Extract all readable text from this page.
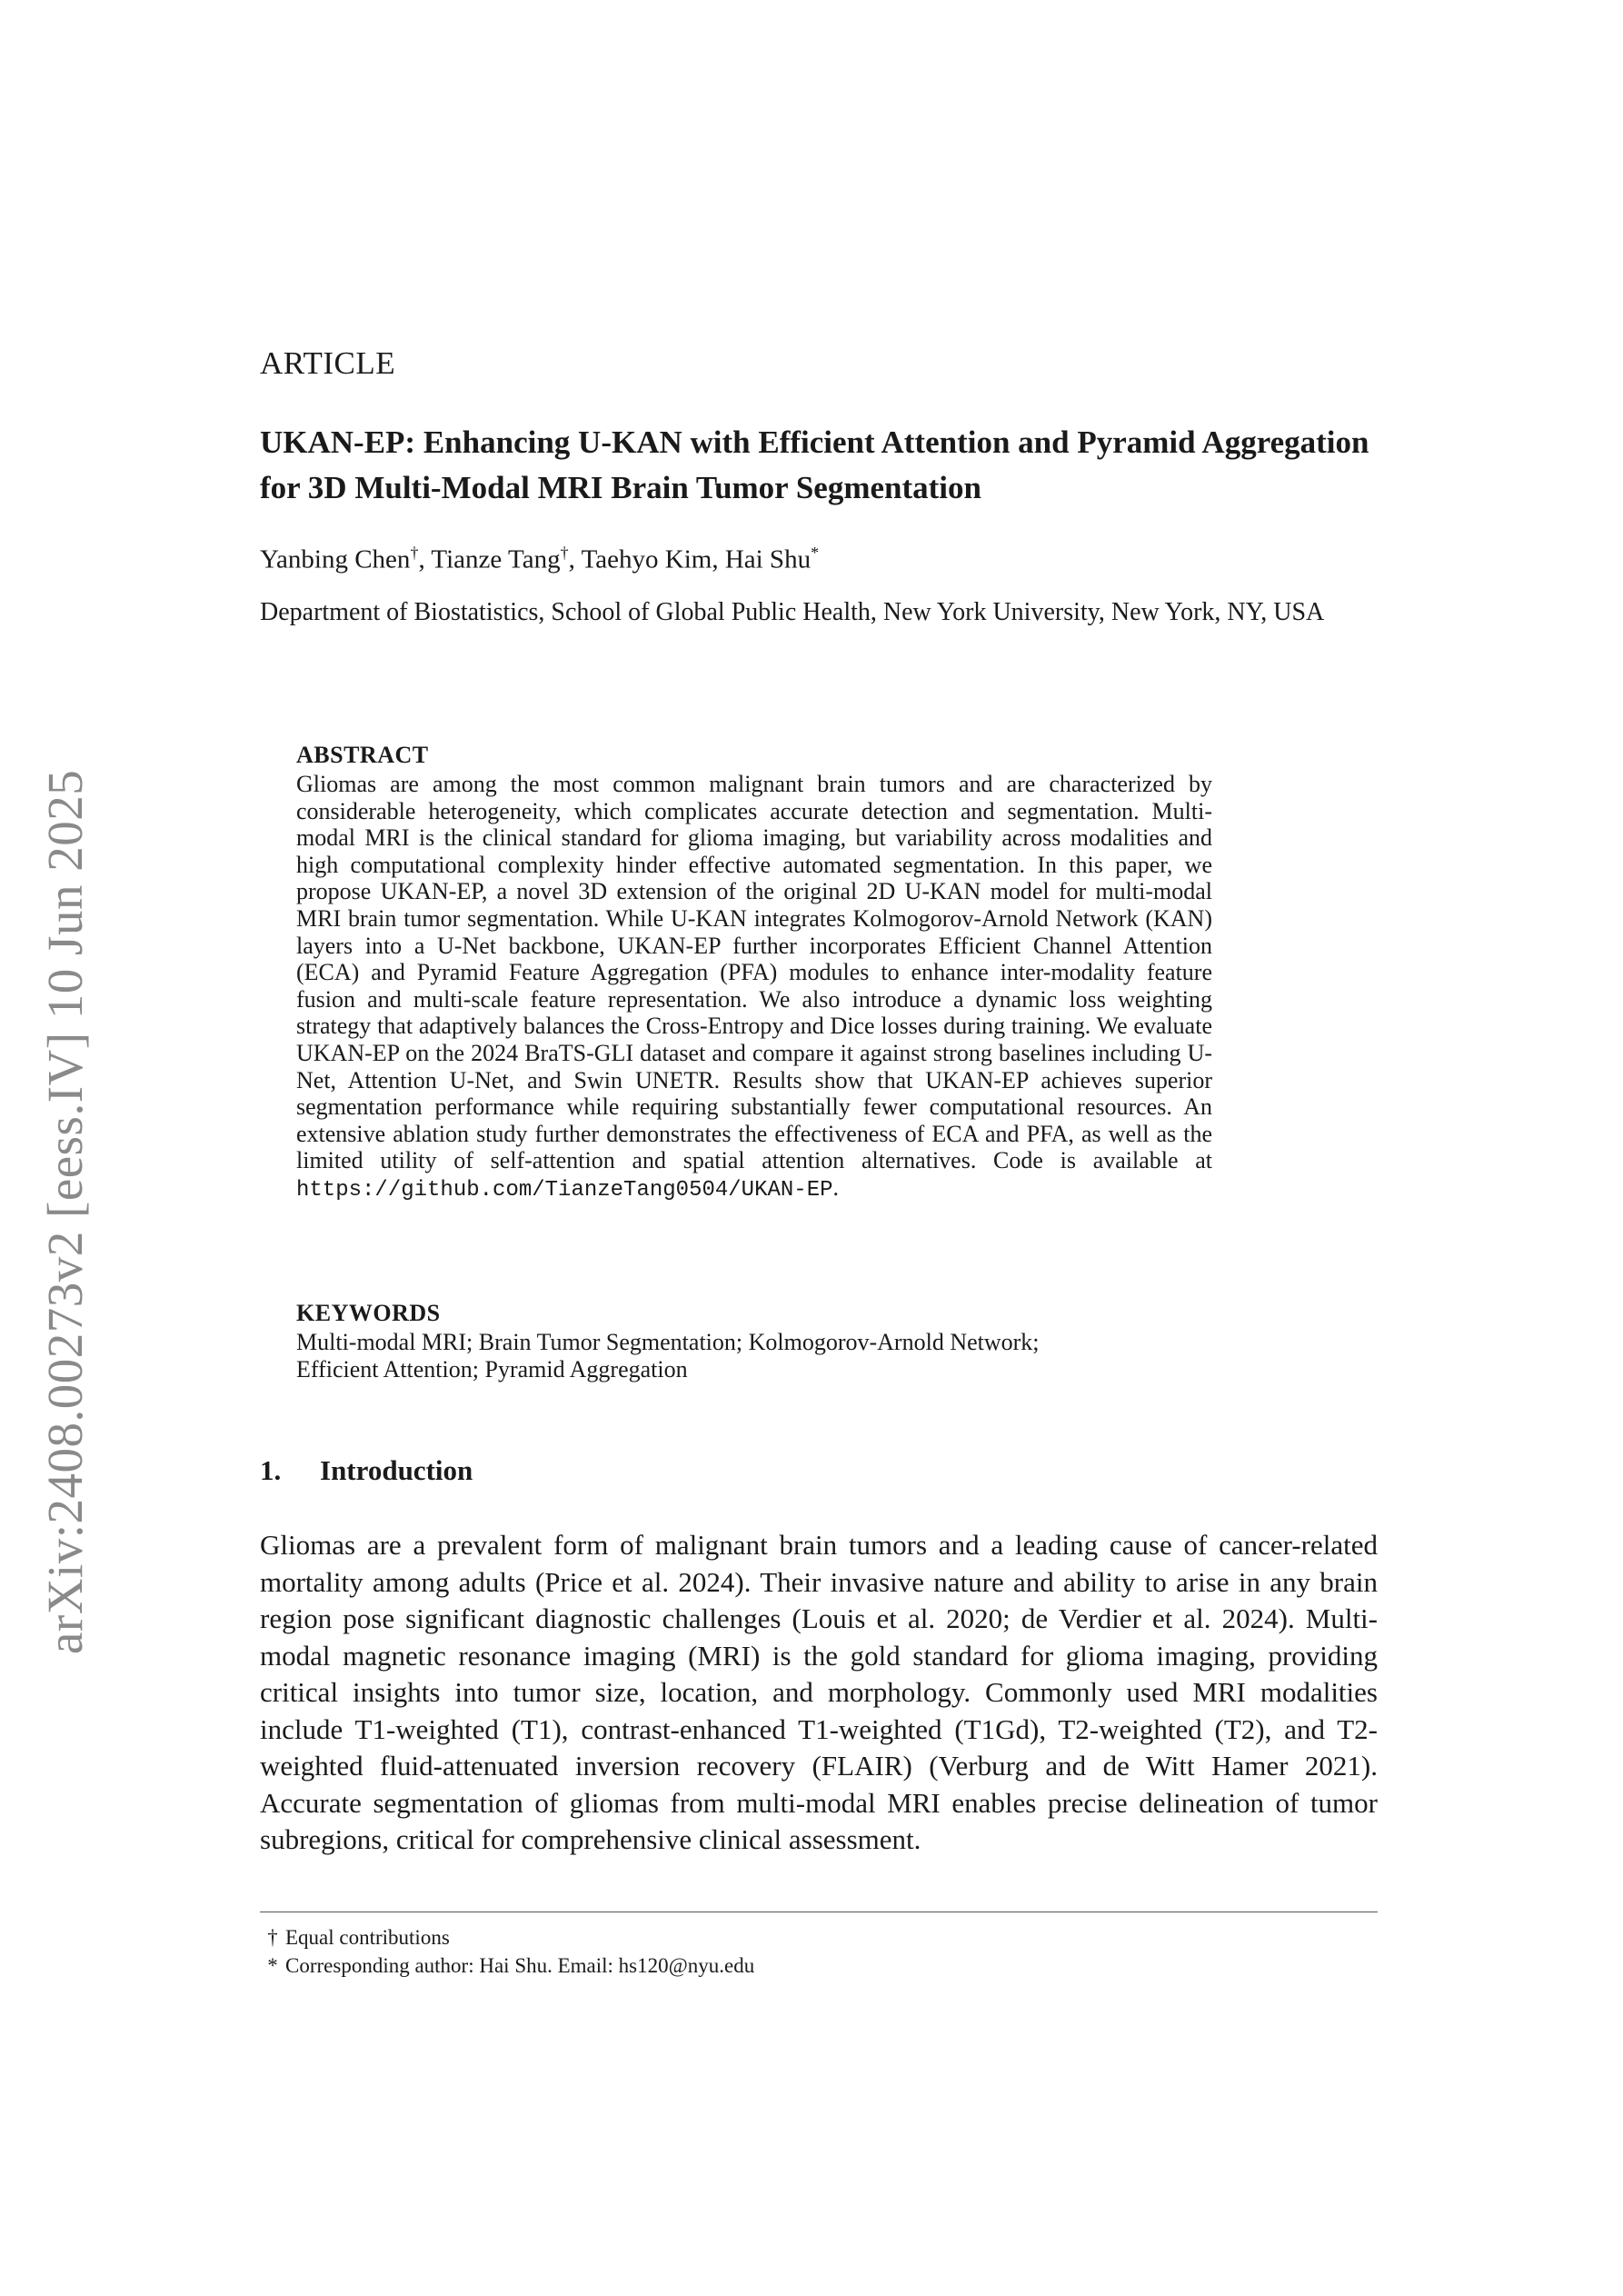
arXiv:2408.00273v2 [eess.IV] 10 Jun 2025
ARTICLE
UKAN-EP: Enhancing U-KAN with Efficient Attention and Pyramid Aggregation for 3D Multi-Modal MRI Brain Tumor Segmentation
Yanbing Chen†, Tianze Tang†, Taehyo Kim, Hai Shu*
Department of Biostatistics, School of Global Public Health, New York University, New York, NY, USA
ABSTRACT
Gliomas are among the most common malignant brain tumors and are characterized by considerable heterogeneity, which complicates accurate detection and segmentation. Multi-modal MRI is the clinical standard for glioma imaging, but variability across modalities and high computational complexity hinder effective automated segmentation. In this paper, we propose UKAN-EP, a novel 3D extension of the original 2D U-KAN model for multi-modal MRI brain tumor segmentation. While U-KAN integrates Kolmogorov-Arnold Network (KAN) layers into a U-Net backbone, UKAN-EP further incorporates Efficient Channel Attention (ECA) and Pyramid Feature Aggregation (PFA) modules to enhance inter-modality feature fusion and multi-scale feature representation. We also introduce a dynamic loss weighting strategy that adaptively balances the Cross-Entropy and Dice losses during training. We evaluate UKAN-EP on the 2024 BraTS-GLI dataset and compare it against strong baselines including U-Net, Attention U-Net, and Swin UNETR. Results show that UKAN-EP achieves superior segmentation performance while requiring substantially fewer computational resources. An extensive ablation study further demonstrates the effectiveness of ECA and PFA, as well as the limited utility of self-attention and spatial attention alternatives. Code is available at https://github.com/TianzeTang0504/UKAN-EP.
KEYWORDS
Multi-modal MRI; Brain Tumor Segmentation; Kolmogorov-Arnold Network;
Efficient Attention; Pyramid Aggregation
1. Introduction
Gliomas are a prevalent form of malignant brain tumors and a leading cause of cancer-related mortality among adults (Price et al. 2024). Their invasive nature and ability to arise in any brain region pose significant diagnostic challenges (Louis et al. 2020; de Verdier et al. 2024). Multi-modal magnetic resonance imaging (MRI) is the gold standard for glioma imaging, providing critical insights into tumor size, location, and morphology. Commonly used MRI modalities include T1-weighted (T1), contrast-enhanced T1-weighted (T1Gd), T2-weighted (T2), and T2-weighted fluid-attenuated inversion recovery (FLAIR) (Verburg and de Witt Hamer 2021). Accurate segmentation of gliomas from multi-modal MRI enables precise delineation of tumor subregions, critical for comprehensive clinical assessment.
† Equal contributions
* Corresponding author: Hai Shu. Email: hs120@nyu.edu
